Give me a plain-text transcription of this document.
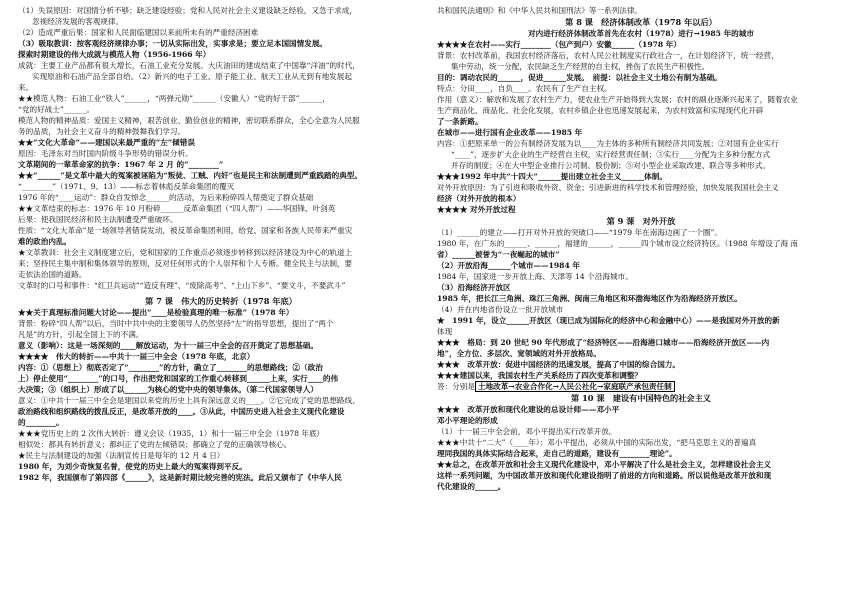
（1）失误原因：对国情分析不够；缺乏建设经验；党和人民对社会主义建设缺乏经验，又急于求成，
忽视经济发展的客观规律。
（2）造成严重后果：国家和人民面临建国以来前所未有的严重经济困难
（3）吸取教训：按客观经济规律办事；一切从实际出发，实事求是；要立足本国国情发展。
探索时期建设的伟大成就与模范人物（1956-1966 年）
成就：主要工业产品都有很大增长，石油工业充分发展。大庆油田的建成结束了中国靠“洋油”的时代，
实现原油和石油产品全部自给。（2）新兴的电子工业、原子能工业、航天工业从无到有地发展起
来。
★★模范人物：石油工业“铁人”______，“两弹元勋”______（安徽人）“党的好干部”______，
“党的好战士”______。
模范人物的精神品质：爱国主义精神，艰苦创业、勤俭创业的精神，密切联系群众，全心全意为人民服
务的品质，为社会主义奋斗的精神鼓舞我们学习。
★★“文化大革命”——建国以来最严重的“左”倾错误
原因：毛泽东对当时国内阶级斗争形势的错误分析。
文革期间的一辈革命家的抗争：1967 年 2 月 的“________”
★★“______”是文革中最大的冤案被诬陷为“叛徒、工贼、内奸”也是民主和法制遭到严重践踏的典型。
“________”（1971、9、13）——标志着林彪反革命集团的覆灭
1976 年的“____运动”：群众自发悼念______的活动，为后来粉碎四人帮奠定了群众基础
★★文革结束的标志：1976 年 10 月粉碎______反革命集团（“四人帮”）——华国锋、叶剑英
后果：使我国民经济和民主法制遭受严重破坏。
性质：“文化大革命”是一场领导者错误发动，被反革命集团利用，给党、国家和各族人民带来严重灾
难的政治内乱。
★文革教训：社会主义制度建立后，党和国家的工作重点必须逐步转移到以经济建设为中心的轨道上
来；坚持民主集中制和集体领导的原则，反对任何形式的个人崇拜和个人专断。健全民主与法制，要
走依法治国的道路。
文革时的口号和事件：“红卫兵运动”“造反有理”、“废除高考”、“上山下乡”、“要文斗，不要武斗”
第 7 课　伟大的历史转折（1978 年底）
★★关于真理标准问题大讨论——提出“____是检验真理的唯一标准”（1978 年）
背景：粉碎“四人帮”以后，当时中共中央的主要领导人仍然坚持“左”的指导思想，提出了“两个
凡是”的方针，引起全国上下的不满。
意义（影响）：这是一场深刻的____解放运动，为十一届三中全会的召开奠定了思想基础。
★★★★　伟大的转折——中共十一届三中全会（1978 年底，北京）
内容：①（思想上）彻底否定了“________”的方针，确立了________的思想路线；②（政治
上）停止使用“________”的口号，作出把党和国家的工作重心转移到______上来，实行____的伟
大决策；③（组织上）形成了以______为核心的党中央的领导集体。（第二代国家领导人）
意义：①中共十一届三中全会是建国以来党的历史上具有深远意义的____。②它完成了党的思想路线、
政治路线和组织路线的拨乱反正，是改革开放的____。③从此，中国历史进入社会主义现代化建设
的________。
★★★党历史上的 2 次伟大转折：遵义会议（1935，1）和十一届三中全会（1978 年底）
相似处：都具有转折意义；都纠正了党的左倾错误；都确立了党的正确领导核心。
★民主与法制建设的加强（法制宣传日是每年的 12 月 4 日）
1980 年，为刘少奇恢复名誉，使党的历史上最大的冤案得到平反。
1982 年，我国颁布了第四部《______》，这是新时期比较完善的宪法。此后又颁布了《中华人民
共和国民法通则》和《中华人民共和国刑法》等一系列法律。
第 8 课　经济体制改革（1978 年以后）
对内进行经济体制改革首先在农村（1978）进行→1985 年的城市
★★★★在农村——实行________（包产到户）安徽______（1978 年）
背景：农村改革前，我国农村经济落后，农村人民公社制度实行政社合一，在计划经济下，统一经营，
集中劳动，统一分配，农民缺乏生产经营的自主权，挫伤了农民生产积极性。
目的：调动农民的______，促进______发展。　前提：以社会主义土地公有制为基础。
特点：分田____，自负____。农民有了生产自主权。
作用（意义）：解放和发展了农村生产力，使农业生产开始得到大发展；农村的副业逐渐兴起来了，随着农业
生产商品化、商品化、社会化发展，农村乡镇企业也迅速发展起来，为农村致富和实现现代化开辟
了一条新路。
在城市——进行国有企业改革——1985 年
内容：①把原来单一的公有制经济发展为以____为主体的多种所有制经济共同发展；②对国有企业实行
“____”，逐步扩大企业的生产经营自主权，实行经营责任制；③实行____分配为主多种分配方式
并存的制度；④在大中型企业推行公司制、股份制；⑤对小型企业采取改建、联合等多种形式。
★★★1992 年中共“十四大”______提出建立社会主义______体制。
对外开放原因：为了引进和吸收外资、资金；引进新进的科学技术和管理经验，加快发展我国社会主义
经济（对外开放的根本）
★★★★ 对外开放过程
第 9 课　对外开放
（1）______的建立——打开对外开放的突破口——“1979 年在南海边画了一个圈”。
1980 年，在广东的______、______，福建的______，______四个城市设立经济特区。（1988 年增设了海 南
省）______被誉为“一夜崛起的城市”
（2）开放沿海______个城市——1984 年
1984 年，国家进一步开放上海、天津等 14 个沿海城市。
（3）沿海经济开放区
1985 年，把长江三角洲、珠江三角洲、闽南三角地区和环渤海地区作为沿海经济开放区。
（4）并在内地省份设立一批开放城市
★　1991 年，设立______开放区（现已成为国际化的经济中心和金融中心）——是我国对外开放的新
体现
★★★　格局：到 20 世纪 90 年代形成了“经济特区——沿海港口城市——沿海经济开放区——内
地”，全方位、多层次、宽领域的对外开放格局。
★★★　改革开放：促进中国经济的迅速发展，提高了中国的综合国力。
★★★建国以来，我国农村生产关系经历了四次变革和调整？
答：分别是 土地改革→农业合作化→人民公社化→家庭联产承包责任制
第 10 课　建设有中国特色的社会主义
★★★　改革开放和现代化建设的总设计师——邓小平
邓小平理论的形成
（1）十一届三中全会前，邓小平提出实行改革开放。
★★★中共十“二大”（____年）：邓小平提出，必须从中国的实际出发，“把马克思主义的普遍真
理同我国的具体实际结合起来，走自己的道路，建设有________理论”。
★★总之，在改革开放和社会主义现代化建设中，邓小平解决了什么是社会主义，怎样建设社会主义
这样一系列问题，为中国改革开放和现代化建设指明了前进的方向和道路。所以说他是改革开放和现
代化建设的______。
